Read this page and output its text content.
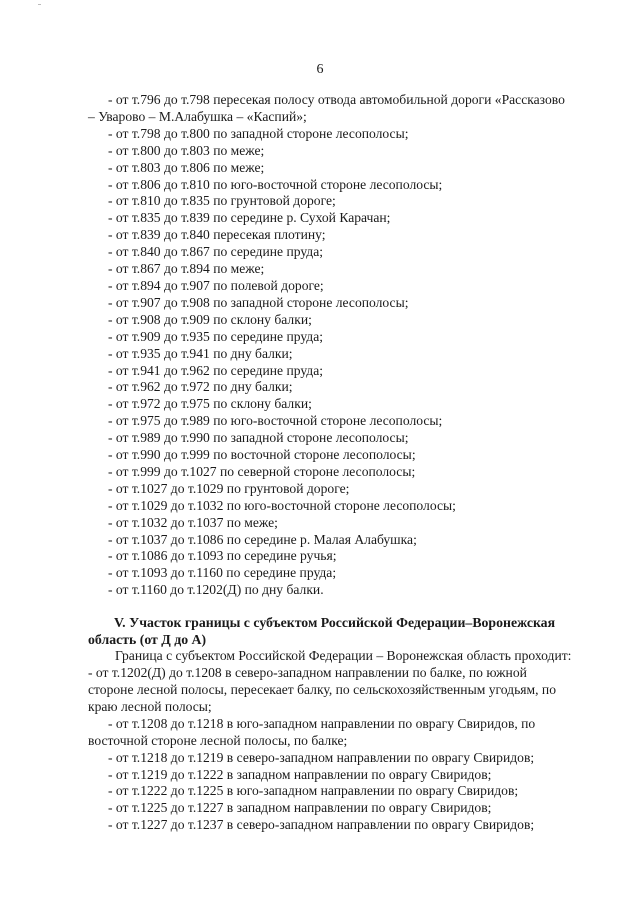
6

- от т.796 до т.798 пересекая полосу отвода автомобильной дороги «Рассказово

– Уварово – М.Алабушка – «Каспий»;

- от т.798 до т.800 по западной стороне лесополосы;

- от т.800 до т.803 по меже;

- от т.803 до т.806 по меже;

- от т.806 до т.810 по юго-восточной стороне лесополосы;

- от т.810 до т.835 по грунтовой дороге;

- от т.835 до т.839 по середине р. Сухой Карачан;

- от т.839 до т.840 пересекая плотину;

- от т.840 до т.867 по середине пруда;

- от т.867 до т.894 по меже;

- от т.894 до т.907 по полевой дороге;

- от т.907 до т.908 по западной стороне лесополосы;

- от т.908 до т.909 по склону балки;

- от т.909 до т.935 по середине пруда;

- от т.935 до т.941 по дну балки;

- от т.941 до т.962 по середине пруда;

- от т.962 до т.972 по дну балки;

- от т.972 до т.975 по склону балки;

- от т.975 до т.989 по юго-восточной стороне лесополосы;

- от т.989 до т.990 по западной стороне лесополосы;

- от т.990 до т.999 по восточной стороне лесополосы;

- от т.999 до т.1027 по северной стороне лесополосы;

- от т.1027 до т.1029 по грунтовой дороге;

- от т.1029 до т.1032 по юго-восточной стороне лесополосы;

- от т.1032 до т.1037 по меже;

- от т.1037 до т.1086 по середине р. Малая Алабушка;

- от т.1086 до т.1093 по середине ручья;

- от т.1093 до т.1160 по середине пруда;

- от т.1160 до т.1202(Д) по дну балки.

V. Участок границы с субъектом Российской Федерации–Воронежская

область (от Д до А)

Граница с субъектом Российской Федерации – Воронежская область проходит:

- от т.1202(Д) до т.1208 в северо-западном направлении по балке, по южной

стороне лесной полосы, пересекает балку, по сельскохозяйственным угодьям, по

краю лесной полосы;

- от т.1208 до т.1218 в юго-западном направлении по оврагу Свиридов, по

восточной стороне лесной полосы, по балке;

- от т.1218 до т.1219 в северо-западном направлении по оврагу Свиридов;

- от т.1219 до т.1222 в западном направлении по оврагу Свиридов;

- от т.1222 до т.1225 в юго-западном направлении по оврагу Свиридов;

- от т.1225 до т.1227 в западном направлении по оврагу Свиридов;

- от т.1227 до т.1237 в северо-западном направлении по оврагу Свиридов;
